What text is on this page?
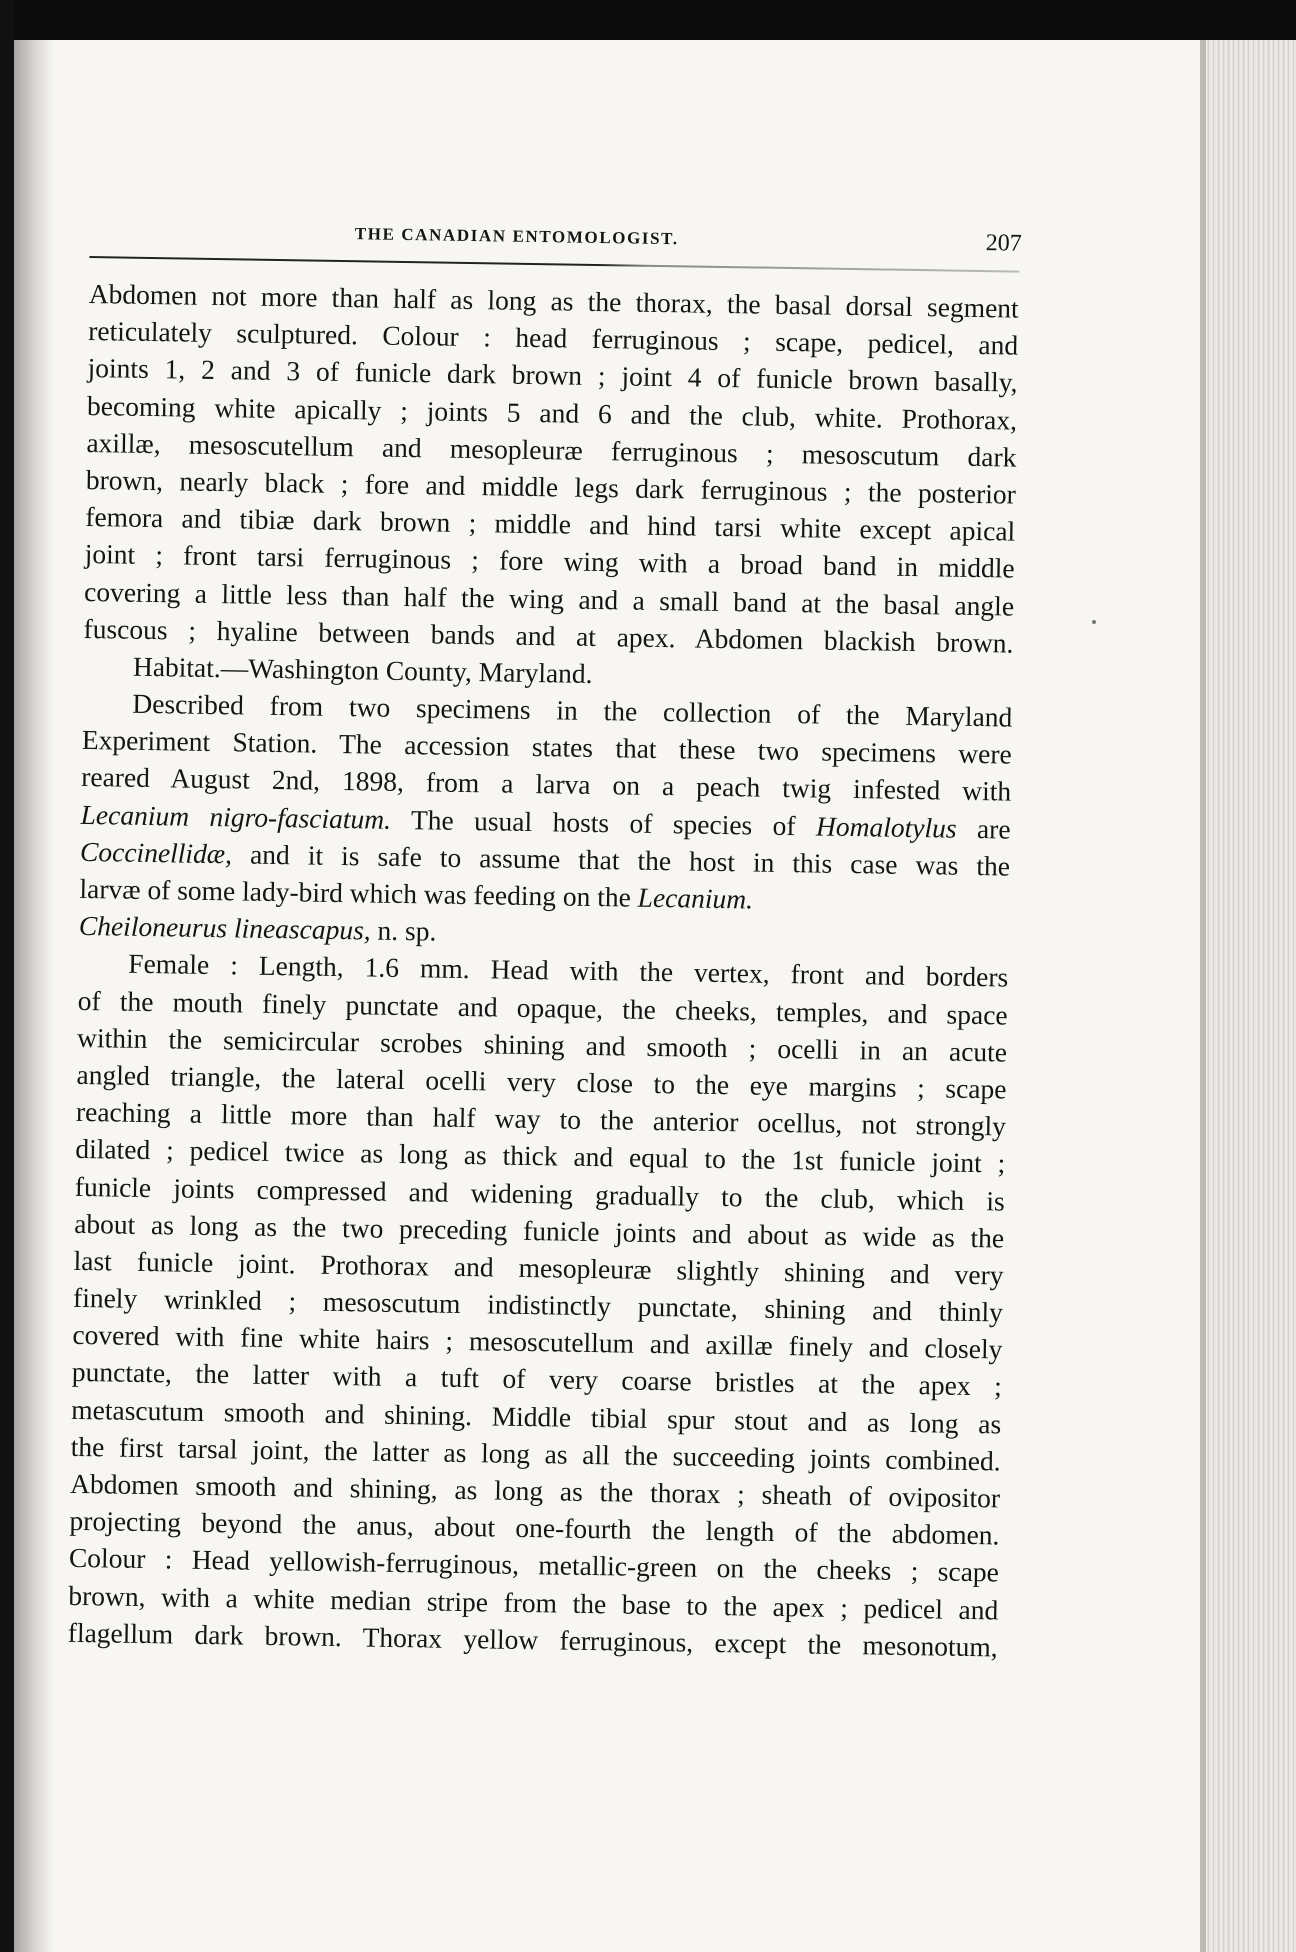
THE CANADIAN ENTOMOLOGIST.	207
Abdomen not more than half as long as the thorax, the basal dorsal segment
reticulately sculptured. Colour : head ferruginous ; scape, pedicel, and
joints 1, 2 and 3 of funicle dark brown ; joint 4 of funicle brown basally,
becoming white apically ; joints 5 and 6 and the club, white. Prothorax,
axillæ, mesoscutellum and mesopleuræ ferruginous ; mesoscutum dark
brown, nearly black ; fore and middle legs dark ferruginous ; the posterior
femora and tibiæ dark brown ; middle and hind tarsi white except apical
joint ; front tarsi ferruginous ; fore wing with a broad band in middle
covering a little less than half the wing and a small band at the basal angle
fuscous ; hyaline between bands and at apex. Abdomen blackish brown.
Habitat.—Washington County, Maryland.
Described from two specimens in the collection of the Maryland
Experiment Station. The accession states that these two specimens were
reared August 2nd, 1898, from a larva on a peach twig infested with
Lecanium nigro-fasciatum. The usual hosts of species of Homalotylus are
Coccinellidæ, and it is safe to assume that the host in this case was the
larvæ of some lady-bird which was feeding on the Lecanium.
Cheiloneurus lineascapus, n. sp.
Female : Length, 1.6 mm. Head with the vertex, front and borders
of the mouth finely punctate and opaque, the cheeks, temples, and space
within the semicircular scrobes shining and smooth ; ocelli in an acute
angled triangle, the lateral ocelli very close to the eye margins ; scape
reaching a little more than half way to the anterior ocellus, not strongly
dilated ; pedicel twice as long as thick and equal to the 1st funicle joint ;
funicle joints compressed and widening gradually to the club, which is
about as long as the two preceding funicle joints and about as wide as the
last funicle joint. Prothorax and mesopleuræ slightly shining and very
finely wrinkled ; mesoscutum indistinctly punctate, shining and thinly
covered with fine white hairs ; mesoscutellum and axillæ finely and closely
punctate, the latter with a tuft of very coarse bristles at the apex ;
metascutum smooth and shining. Middle tibial spur stout and as long as
the first tarsal joint, the latter as long as all the succeeding joints combined.
Abdomen smooth and shining, as long as the thorax ; sheath of ovipositor
projecting beyond the anus, about one-fourth the length of the abdomen.
Colour : Head yellowish-ferruginous, metallic-green on the cheeks ; scape
brown, with a white median stripe from the base to the apex ; pedicel and
flagellum dark brown. Thorax yellow ferruginous, except the mesonotum,
